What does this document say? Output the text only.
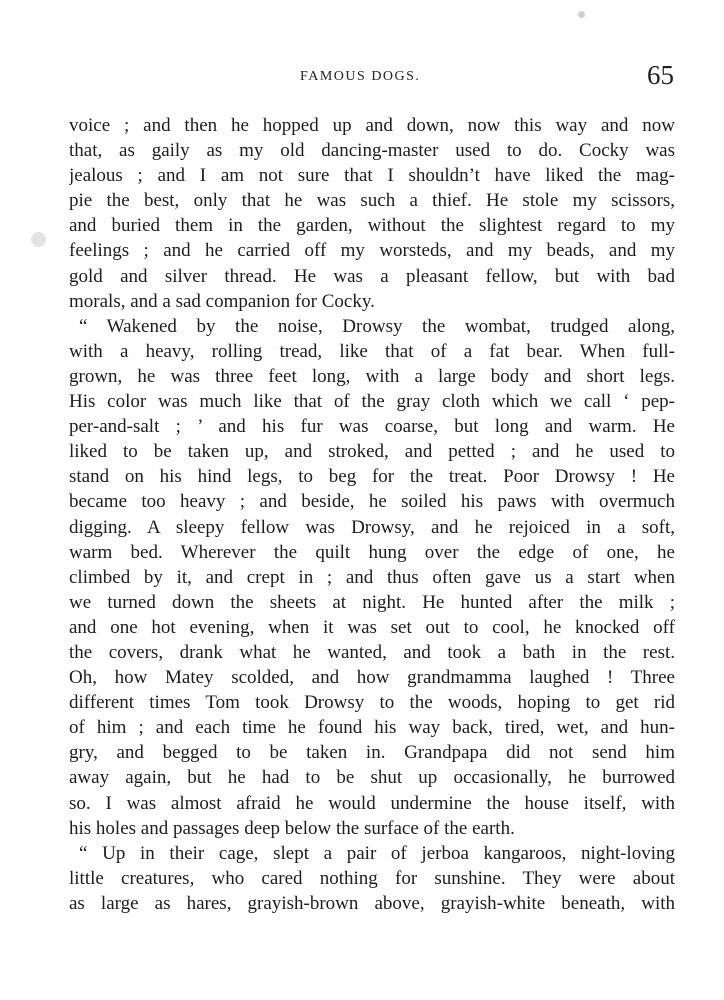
FAMOUS DOGS.	65
voice ; and then he hopped up and down, now this way and now
that, as gaily as my old dancing-master used to do. Cocky was
jealous ; and I am not sure that I shouldn’t have liked the mag-
pie the best, only that he was such a thief. He stole my scissors,
and buried them in the garden, without the slightest regard to my
feelings ; and he carried off my worsteds, and my beads, and my
gold and silver thread. He was a pleasant fellow, but with bad
morals, and a sad companion for Cocky.
“ Wakened by the noise, Drowsy the wombat, trudged along,
with a heavy, rolling tread, like that of a fat bear. When full-
grown, he was three feet long, with a large body and short legs.
His color was much like that of the gray cloth which we call ‘ pep-
per-and-salt ; ’ and his fur was coarse, but long and warm. He
liked to be taken up, and stroked, and petted ; and he used to
stand on his hind legs, to beg for the treat. Poor Drowsy ! He
became too heavy ; and beside, he soiled his paws with overmuch
digging. A sleepy fellow was Drowsy, and he rejoiced in a soft,
warm bed. Wherever the quilt hung over the edge of one, he
climbed by it, and crept in ; and thus often gave us a start when
we turned down the sheets at night. He hunted after the milk ;
and one hot evening, when it was set out to cool, he knocked off
the covers, drank what he wanted, and took a bath in the rest.
Oh, how Matey scolded, and how grandmamma laughed ! Three
different times Tom took Drowsy to the woods, hoping to get rid
of him ; and each time he found his way back, tired, wet, and hun-
gry, and begged to be taken in. Grandpapa did not send him
away again, but he had to be shut up occasionally, he burrowed
so. I was almost afraid he would undermine the house itself, with
his holes and passages deep below the surface of the earth.
“ Up in their cage, slept a pair of jerboa kangaroos, night-loving
little creatures, who cared nothing for sunshine. They were about
as large as hares, grayish-brown above, grayish-white beneath, with
